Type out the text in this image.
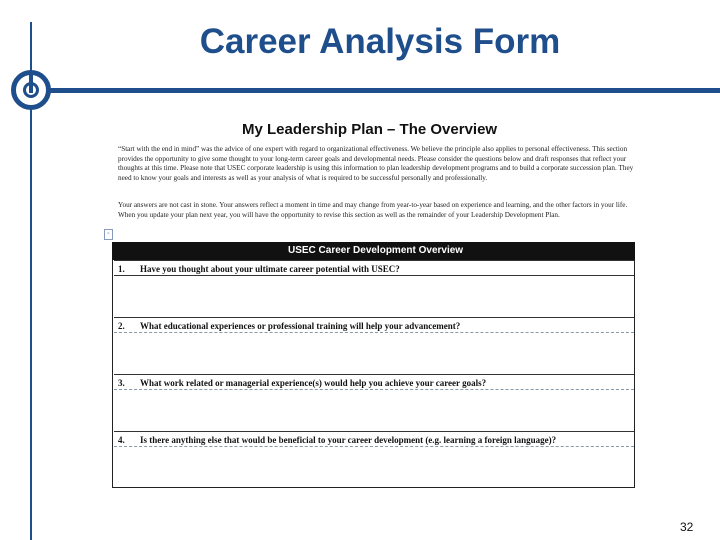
Career Analysis Form
My Leadership Plan – The Overview
“Start with the end in mind” was the advice of one expert with regard to organizational effectiveness. We believe the principle also applies to personal effectiveness. This section provides the opportunity to give some thought to your long-term career goals and developmental needs. Please consider the questions below and draft responses that reflect your thoughts at this time. Please note that USEC corporate leadership is using this information to plan leadership development programs and to build a corporate succession plan. They need to know your goals and interests as well as your analysis of what is required to be successful personally and professionally.
Your answers are not cast in stone. Your answers reflect a moment in time and may change from year-to-year based on experience and learning, and the other factors in your life. When you update your plan next year, you will have the opportunity to revise this section as well as the remainder of your Leadership Development Plan.
▫
USEC Career Development Overview
1. Have you thought about your ultimate career potential with USEC?
2. What educational experiences or professional training will help your advancement?
3. What work related or managerial experience(s) would help you achieve your career goals?
4. Is there anything else that would be beneficial to your career development (e.g. learning a foreign language)?
32
